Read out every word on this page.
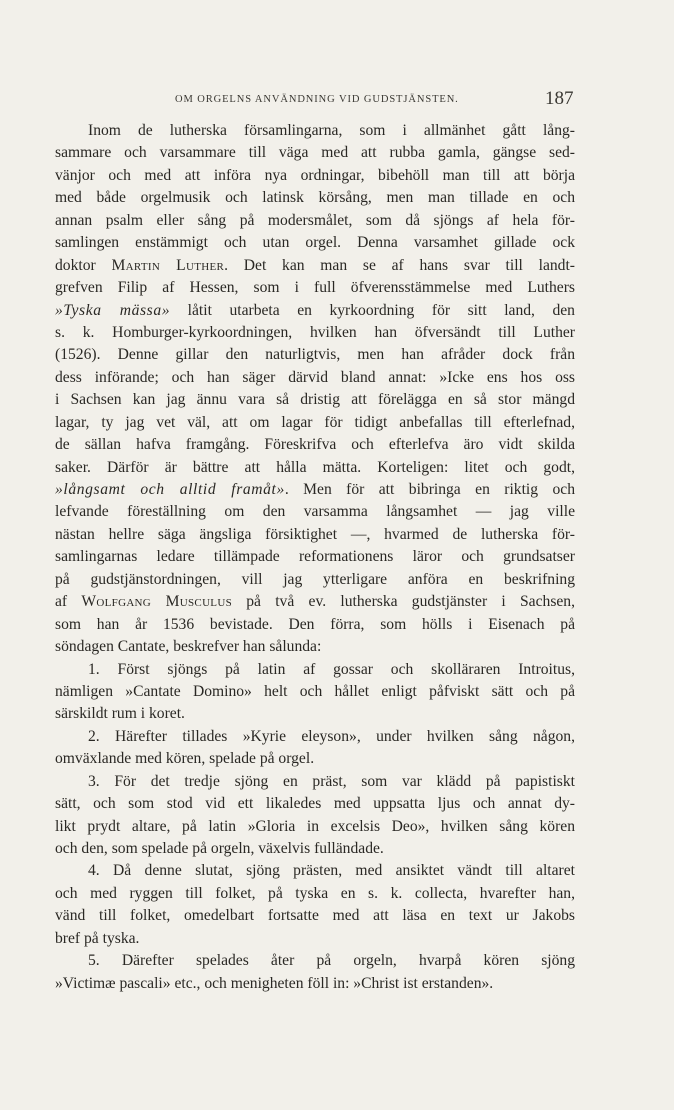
OM ORGELNS ANVÄNDNING VID GUDSTJÄNSTEN.	187
Inom de lutherska församlingarna, som i allmänhet gått lång-
sammare och varsammare till väga med att rubba gamla, gängse sed-
vänjor och med att införa nya ordningar, bibehöll man till att börja
med både orgelmusik och latinsk körsång, men man tillade en och
annan psalm eller sång på modersmålet, som då sjöngs af hela för-
samlingen enstämmigt och utan orgel. Denna varsamhet gillade ock
doktor Martin Luther. Det kan man se af hans svar till landt-
grefven Filip af Hessen, som i full öfverensstämmelse med Luthers
»Tyska mässa» låtit utarbeta en kyrkoordning för sitt land, den
s. k. Homburger-kyrkoordningen, hvilken han öfversändt till Luther
(1526). Denne gillar den naturligtvis, men han afråder dock från
dess införande; och han säger därvid bland annat: »Icke ens hos oss
i Sachsen kan jag ännu vara så dristig att förelägga en så stor mängd
lagar, ty jag vet väl, att om lagar för tidigt anbefallas till efterlefnad,
de sällan hafva framgång. Föreskrifva och efterlefva äro vidt skilda
saker. Därför är bättre att hålla mätta. Korteligen: litet och godt,
»långsamt och alltid framåt». Men för att bibringa en riktig och
lefvande föreställning om den varsamma långsamhet — jag ville
nästan hellre säga ängsliga försiktighet —, hvarmed de lutherska för-
samlingarnas ledare tillämpade reformationens läror och grundsatser
på gudstjänstordningen, vill jag ytterligare anföra en beskrifning
af Wolfgang Musculus på två ev. lutherska gudstjänster i Sachsen,
som han år 1536 bevistade. Den förra, som hölls i Eisenach på
söndagen Cantate, beskrefver han sålunda:
1. Först sjöngs på latin af gossar och skolläraren Introitus,
nämligen »Cantate Domino» helt och hållet enligt påfviskt sätt och på
särskildt rum i koret.
2. Härefter tillades »Kyrie eleyson», under hvilken sång någon,
omväxlande med kören, spelade på orgel.
3. För det tredje sjöng en präst, som var klädd på papistiskt
sätt, och som stod vid ett likaledes med uppsatta ljus och annat dy-
likt prydt altare, på latin »Gloria in excelsis Deo», hvilken sång kören
och den, som spelade på orgeln, växelvis fulländade.
4. Då denne slutat, sjöng prästen, med ansiktet vändt till altaret
och med ryggen till folket, på tyska en s. k. collecta, hvarefter han,
vänd till folket, omedelbart fortsatte med att läsa en text ur Jakobs
bref på tyska.
5. Därefter spelades åter på orgeln, hvarpå kören sjöng
»Victimæ pascali» etc., och menigheten föll in: »Christ ist erstanden».
